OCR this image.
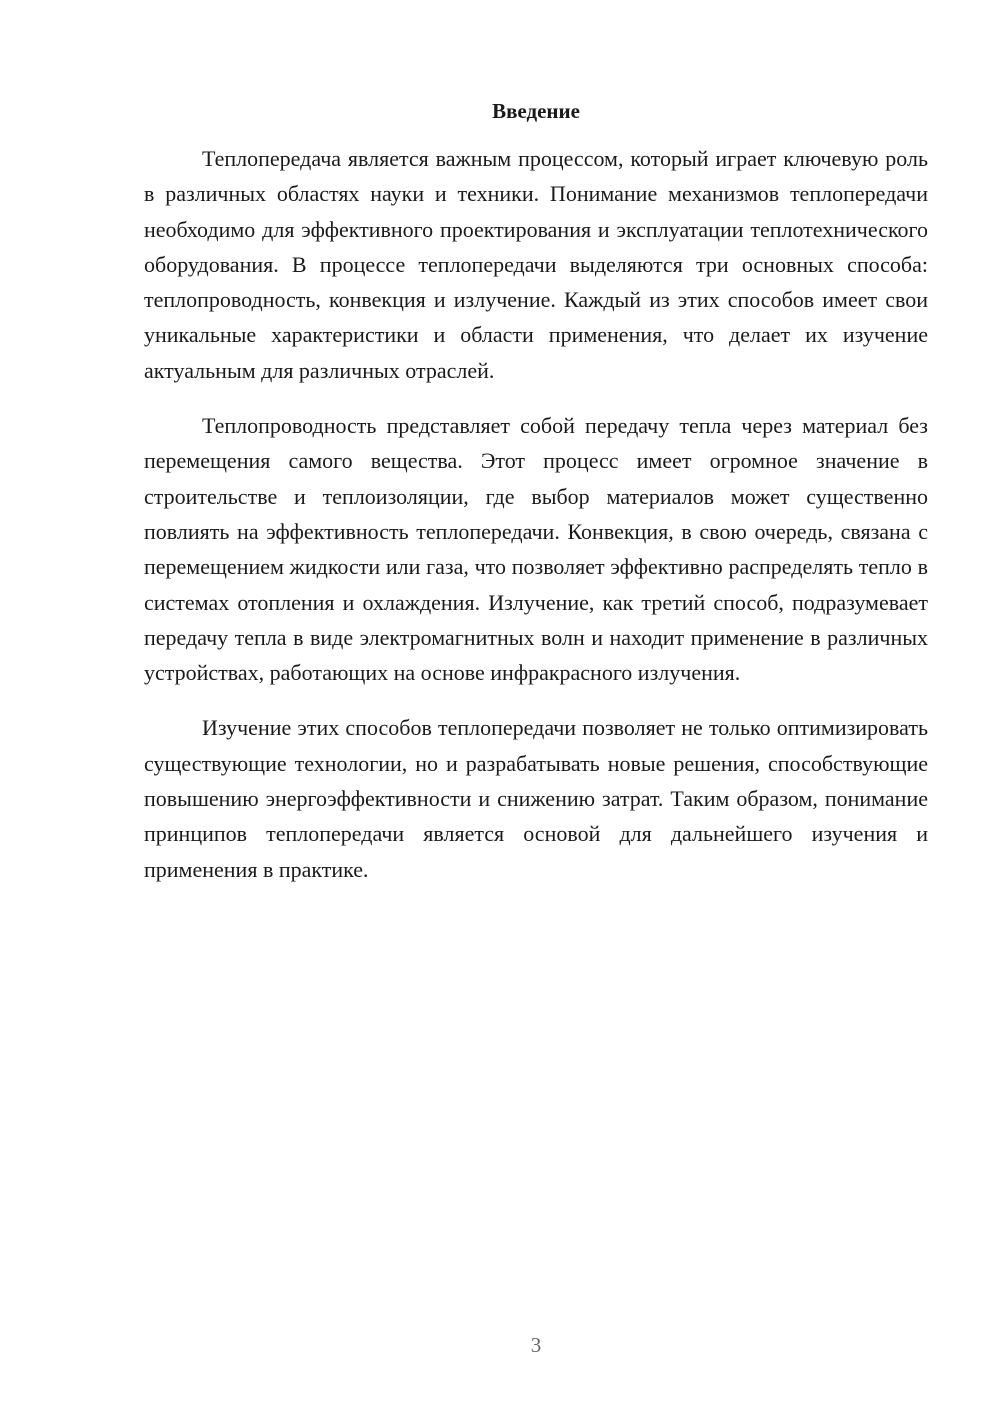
Введение

Теплопередача является важным процессом, который играет ключевую роль в различных областях науки и техники. Понимание механизмов теплопередачи необходимо для эффективного проектирования и эксплуатации теплотехнического оборудования. В процессе теплопередачи выделяются три основных способа: теплопроводность, конвекция и излучение. Каждый из этих способов имеет свои уникальные характеристики и области применения, что делает их изучение актуальным для различных отраслей.

Теплопроводность представляет собой передачу тепла через материал без перемещения самого вещества. Этот процесс имеет огромное значение в строительстве и теплоизоляции, где выбор материалов может существенно повлиять на эффективность теплопередачи. Конвекция, в свою очередь, связана с перемещением жидкости или газа, что позволяет эффективно распределять тепло в системах отопления и охлаждения. Излучение, как третий способ, подразумевает передачу тепла в виде электромагнитных волн и находит применение в различных устройствах, работающих на основе инфракрасного излучения.

Изучение этих способов теплопередачи позволяет не только оптимизировать существующие технологии, но и разрабатывать новые решения, способствующие повышению энергоэффективности и снижению затрат. Таким образом, понимание принципов теплопередачи является основой для дальнейшего изучения и применения в практике.

3
